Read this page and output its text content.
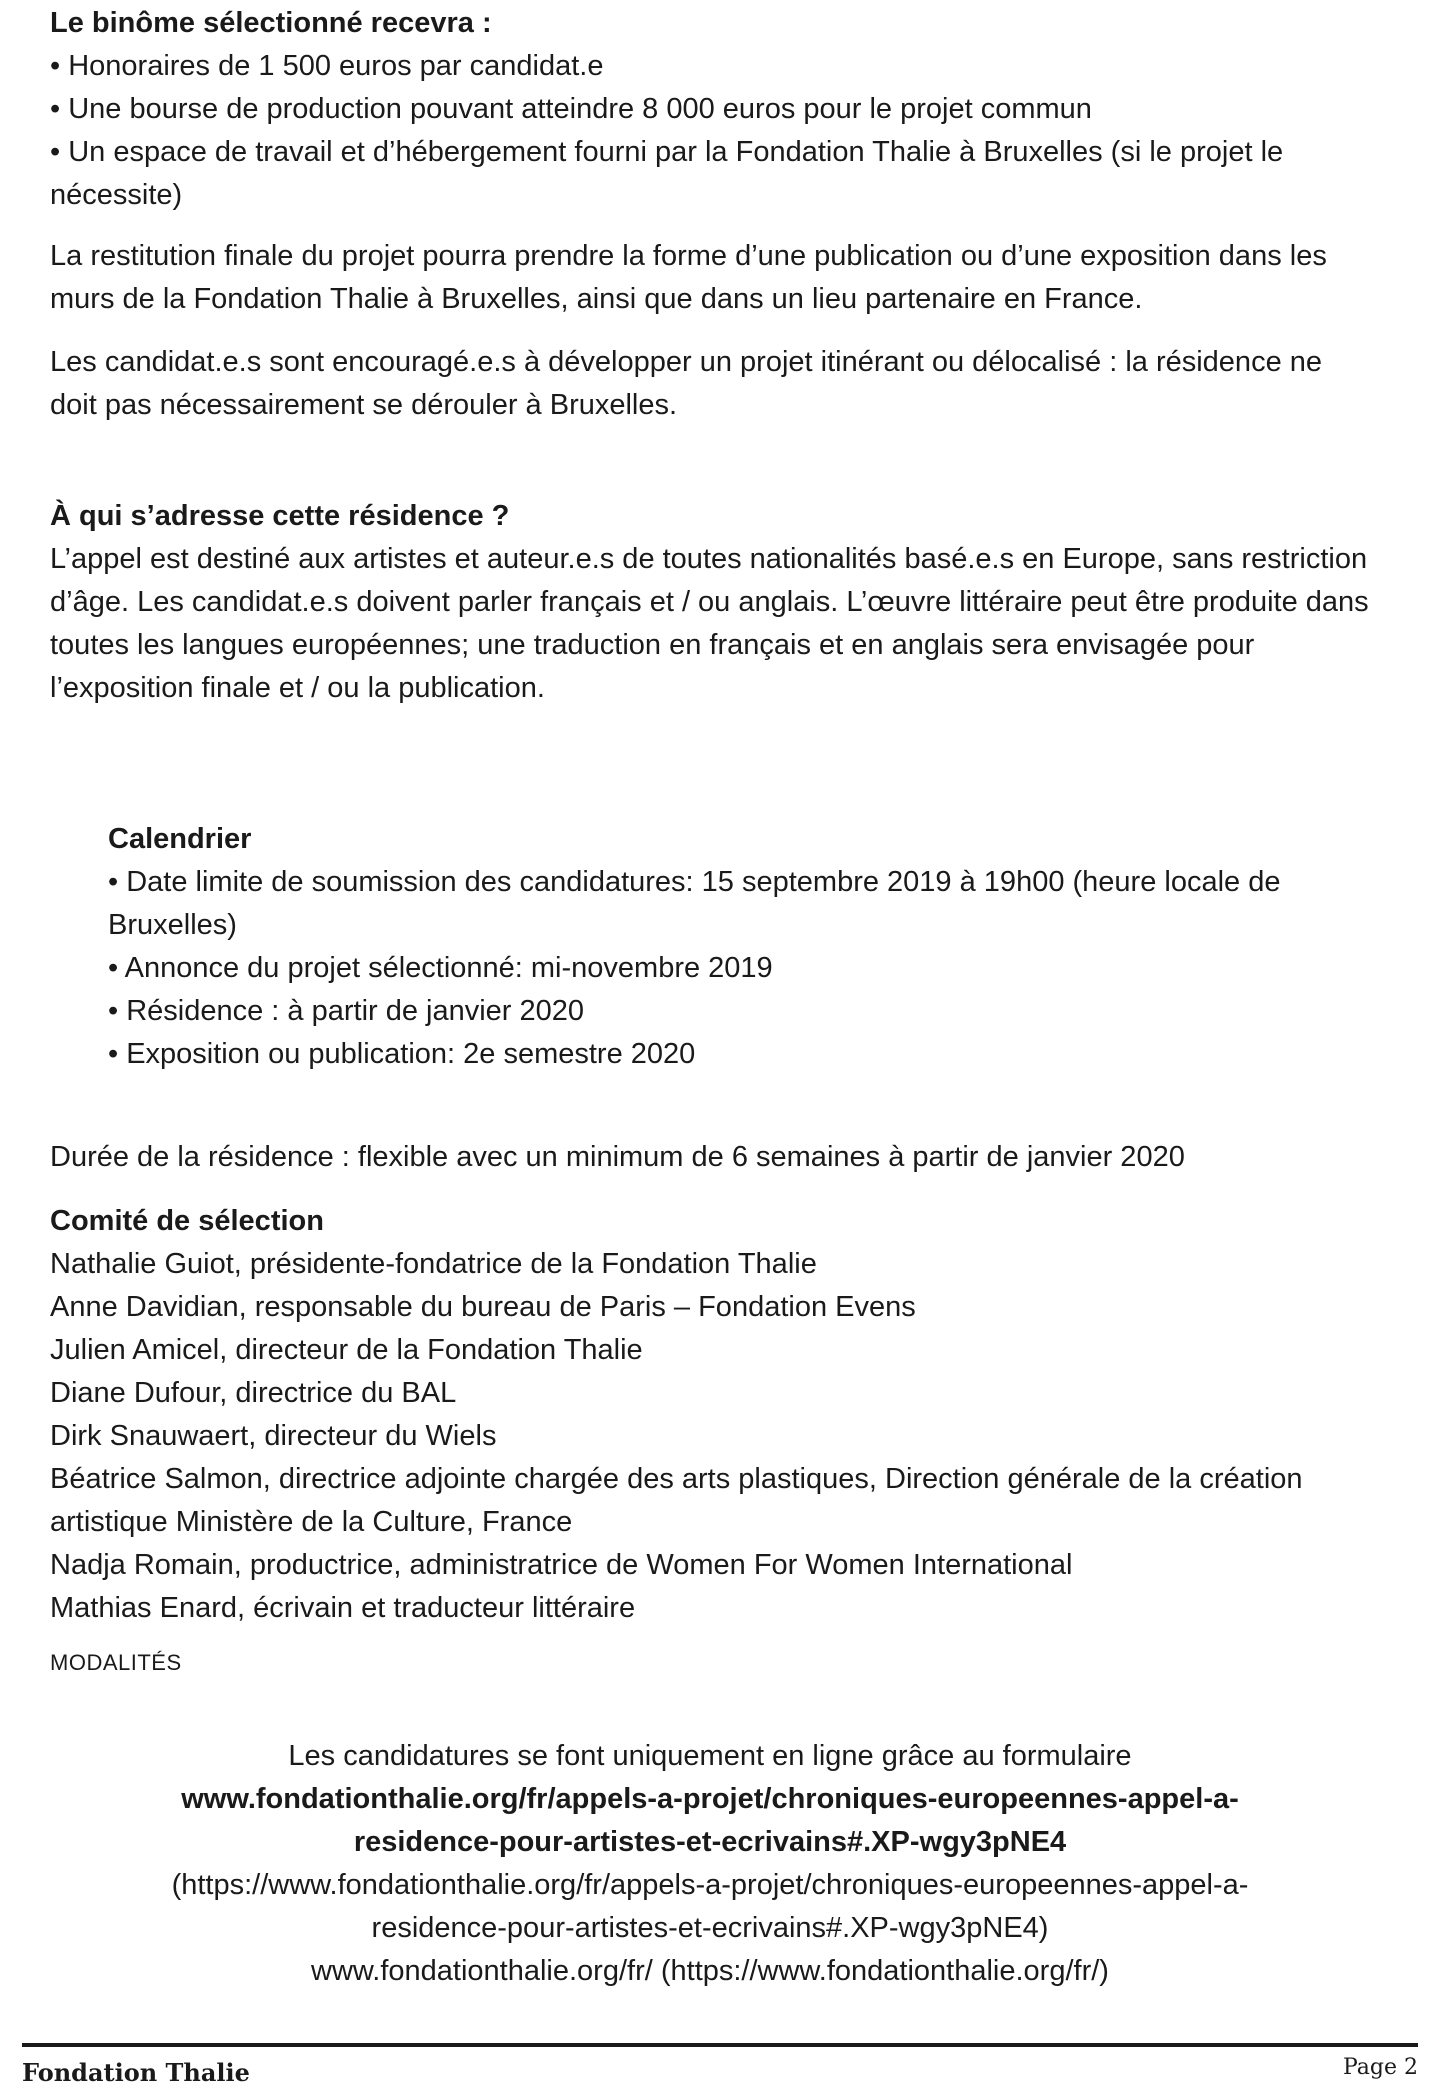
Le binôme sélectionné recevra :

• Honoraires de 1 500 euros par candidat.e

• Une bourse de production pouvant atteindre 8 000 euros pour le projet commun

• Un espace de travail et d’hébergement fourni par la Fondation Thalie à Bruxelles (si le projet le nécessite)

La restitution finale du projet pourra prendre la forme d’une publication ou d’une exposition dans les murs de la Fondation Thalie à Bruxelles, ainsi que dans un lieu partenaire en France.

Les candidat.e.s sont encouragé.e.s à développer un projet itinérant ou délocalisé : la résidence ne doit pas nécessairement se dérouler à Bruxelles.

À qui s’adresse cette résidence ?

L’appel est destiné aux artistes et auteur.e.s de toutes nationalités basé.e.s en Europe, sans restriction d’âge. Les candidat.e.s doivent parler français et / ou anglais. L’œuvre littéraire peut être produite dans toutes les langues européennes; une traduction en français et en anglais sera envisagée pour l’exposition finale et / ou la publication.

Calendrier

• Date limite de soumission des candidatures: 15 septembre 2019 à 19h00 (heure locale de Bruxelles)

• Annonce du projet sélectionné: mi-novembre 2019

• Résidence : à partir de janvier 2020

• Exposition ou publication: 2e semestre 2020

Durée de la résidence : flexible avec un minimum de 6 semaines à partir de janvier 2020

Comité de sélection

Nathalie Guiot, présidente-fondatrice de la Fondation Thalie

Anne Davidian, responsable du bureau de Paris – Fondation Evens

Julien Amicel, directeur de la Fondation Thalie

Diane Dufour, directrice du BAL

Dirk Snauwaert, directeur du Wiels

Béatrice Salmon, directrice adjointe chargée des arts plastiques, Direction générale de la création artistique Ministère de la Culture, France

Nadja Romain, productrice, administratrice de Women For Women International

Mathias Enard, écrivain et traducteur littéraire

MODALITÉS

Les candidatures se font uniquement en ligne grâce au formulaire

www.fondationthalie.org/fr/appels-a-projet/chroniques-europeennes-appel-a-residence-pour-artistes-et-ecrivains#.XP-wgy3pNE4

(https://www.fondationthalie.org/fr/appels-a-projet/chroniques-europeennes-appel-a-residence-pour-artistes-et-ecrivains#.XP-wgy3pNE4)

www.fondationthalie.org/fr/ (https://www.fondationthalie.org/fr/)

Fondation Thalie	Page 2
